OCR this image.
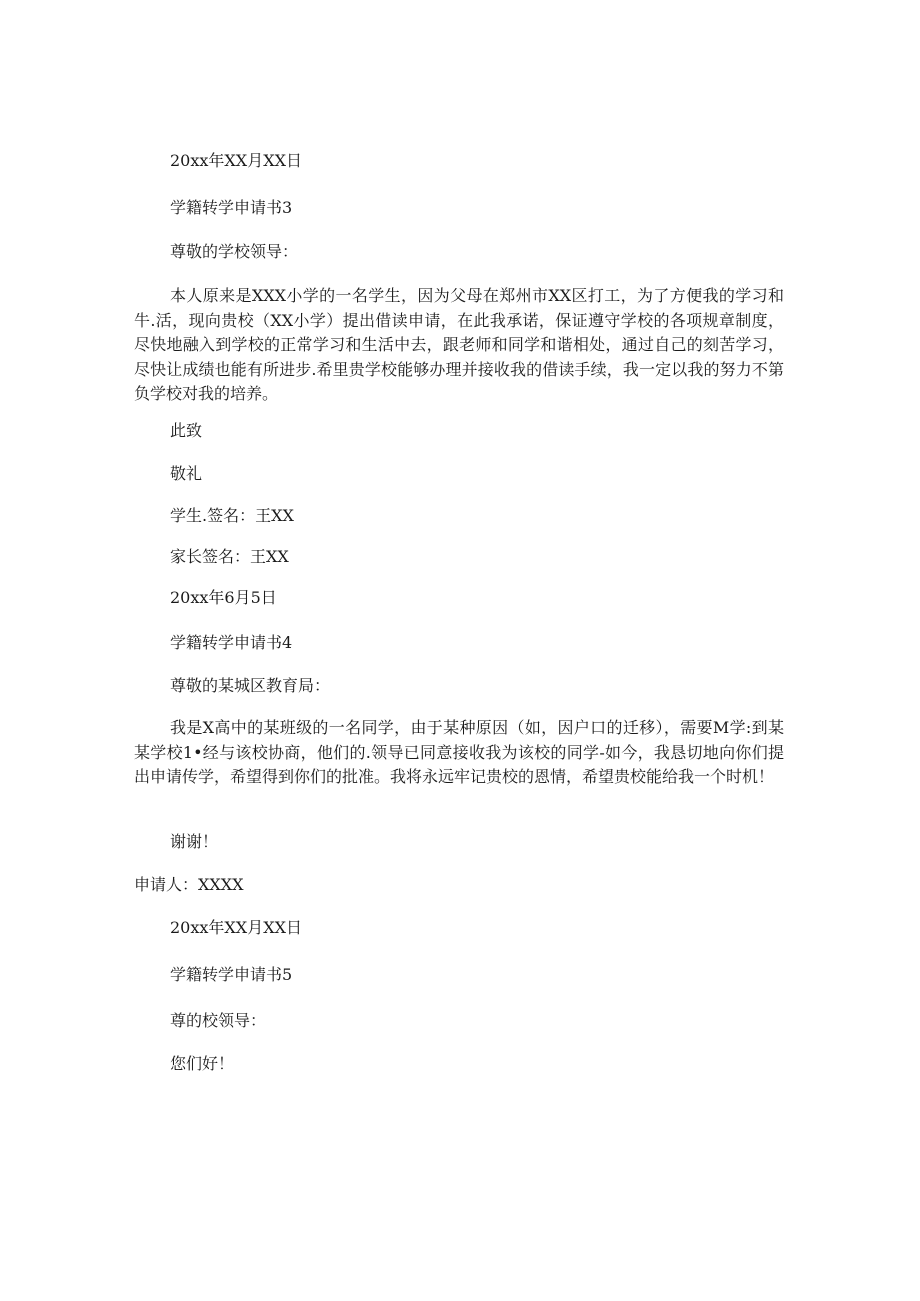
20xx年XX月XX日
学籍转学申请书3
尊敬的学校领导：

本人原来是XXX小学的一名学生，因为父母在郑州市XX区打工，为了方便我的学习和牛.活，现向贵校（XX小学）提出借读申请，在此我承诺，保证遵守学校的各项规章制度，尽快地融入到学校的正常学习和生活中去，跟老师和同学和谐相处，通过自己的刻苦学习，尽快让成绩也能有所进步.希里贵学校能够办理并接收我的借读手续，我一定以我的努力不第负学校对我的培养。

此致
敬礼
学生.签名：王XX
家长签名：王XX
20xx年6月5日
学籍转学申请书4
尊敬的某城区教育局：

我是X高中的某班级的一名同学，由于某种原因（如，因户口的迁移），需要M学:到某某学校1•经与该校协商，他们的.领导已同意接收我为该校的同学-如今，我恳切地向你们提出申请传学，希望得到你们的批准。我将永远牢记贵校的恩情，希望贵校能给我一个时机！

谢谢！
申请人：XXXX
20xx年XX月XX日
学籍转学申请书5
尊的校领导：
您们好！
